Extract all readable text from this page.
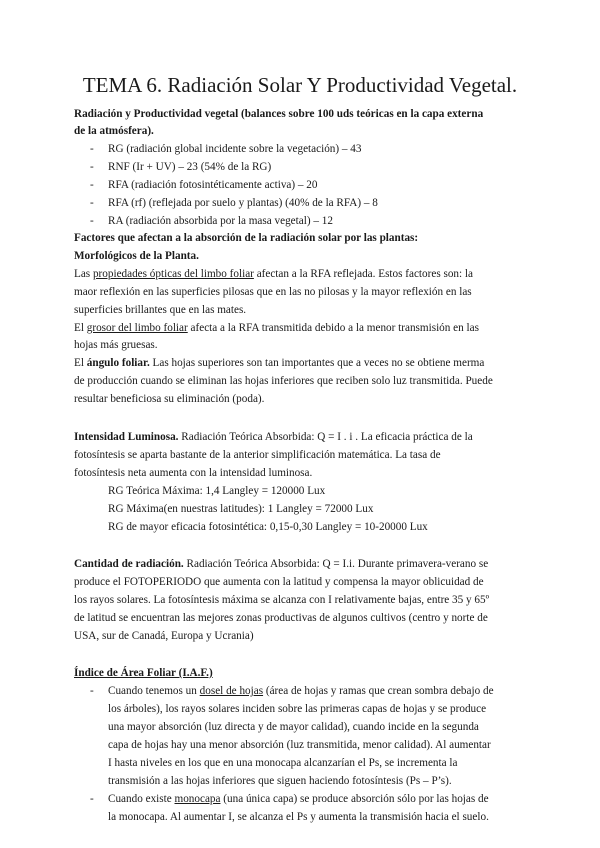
TEMA 6. Radiación Solar Y Productividad Vegetal.
Radiación y Productividad vegetal (balances sobre 100 uds teóricas en la capa externa
de la atmósfera).
- RG (radiación global incidente sobre la vegetación) – 43
- RNF (Ir + UV) – 23 (54% de la RG)
- RFA (radiación fotosintéticamente activa) – 20
- RFA (rf) (reflejada por suelo y plantas) (40% de la RFA) – 8
- RA (radiación absorbida por la masa vegetal) – 12
Factores que afectan a la absorción de la radiación solar por las plantas:
Morfológicos de la Planta.
Las propiedades ópticas del limbo foliar afectan a la RFA reflejada. Estos factores son: la
maor reflexión en las superficies pilosas que en las no pilosas y la mayor reflexión en las
superficies brillantes que en las mates.
El grosor del limbo foliar afecta a la RFA transmitida debido a la menor transmisión en las
hojas más gruesas.
El ángulo foliar. Las hojas superiores son tan importantes que a veces no se obtiene merma
de producción cuando se eliminan las hojas inferiores que reciben solo luz transmitida. Puede
resultar beneficiosa su eliminación (poda).
Intensidad Luminosa. Radiación Teórica Absorbida: Q = I . i . La eficacia práctica de la
fotosíntesis se aparta bastante de la anterior simplificación matemática. La tasa de
fotosíntesis neta aumenta con la intensidad luminosa.
RG Teórica Máxima: 1,4 Langley = 120000 Lux
RG Máxima(en nuestras latitudes): 1 Langley = 72000 Lux
RG de mayor eficacia fotosintética: 0,15-0,30 Langley = 10-20000 Lux
Cantidad de radiación. Radiación Teórica Absorbida: Q = I.i. Durante primavera-verano se
produce el FOTOPERIODO que aumenta con la latitud y compensa la mayor oblicuidad de
los rayos solares. La fotosíntesis máxima se alcanza con I relativamente bajas, entre 35 y 65º
de latitud se encuentran las mejores zonas productivas de algunos cultivos (centro y norte de
USA, sur de Canadá, Europa y Ucrania)
Índice de Área Foliar (I.A.F.)
- Cuando tenemos un dosel de hojas (área de hojas y ramas que crean sombra debajo de
los árboles), los rayos solares inciden sobre las primeras capas de hojas y se produce
una mayor absorción (luz directa y de mayor calidad), cuando incide en la segunda
capa de hojas hay una menor absorción (luz transmitida, menor calidad). Al aumentar
I hasta niveles en los que en una monocapa alcanzarían el Ps, se incrementa la
transmisión a las hojas inferiores que siguen haciendo fotosíntesis (Ps – P’s).
- Cuando existe monocapa (una única capa) se produce absorción sólo por las hojas de
la monocapa. Al aumentar I, se alcanza el Ps y aumenta la transmisión hacia el suelo.
